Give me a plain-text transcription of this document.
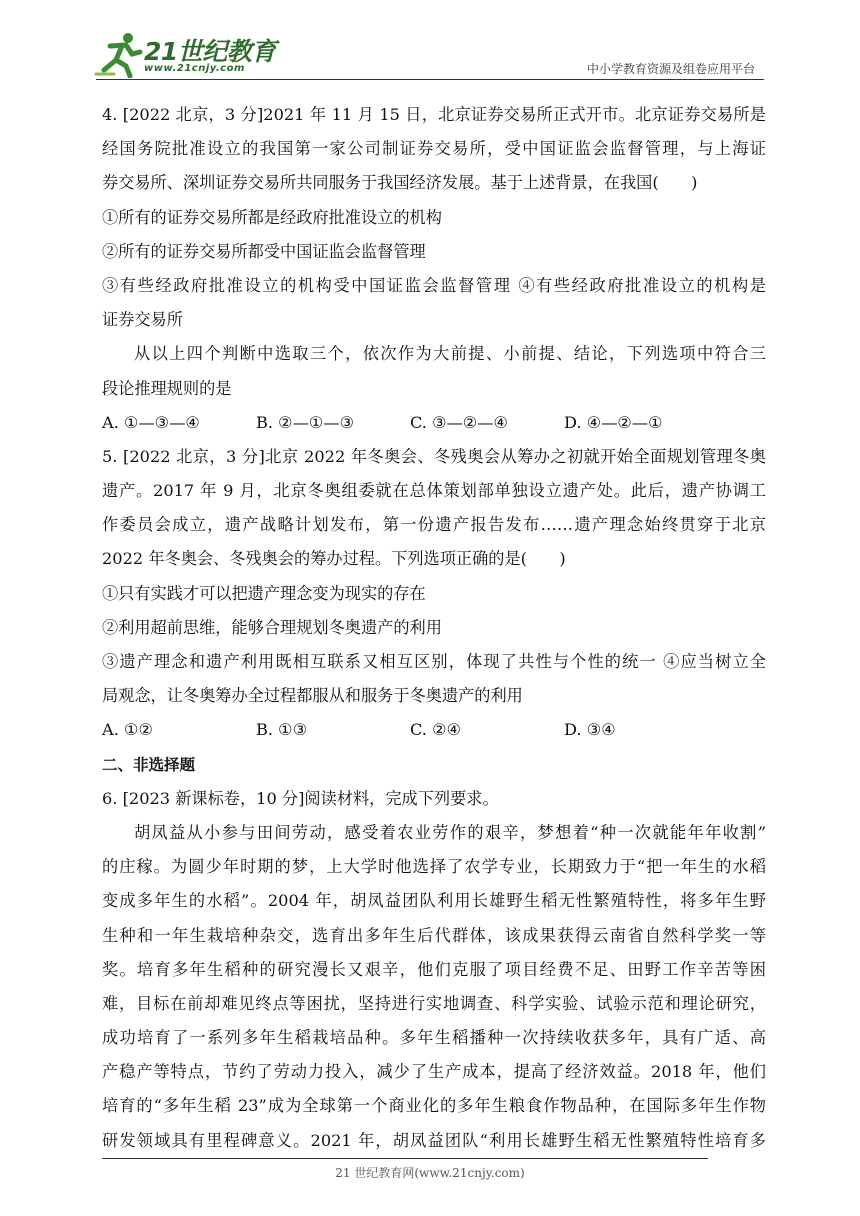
21世纪教育
www.21cnjy.com	中小学教育资源及组卷应用平台
4. [2022 北京，3 分]2021 年 11 月 15 日，北京证券交易所正式开市。北京证券交易所是
经国务院批准设立的我国第一家公司制证券交易所，受中国证监会监督管理，与上海证
券交易所、深圳证券交易所共同服务于我国经济发展。基于上述背景，在我国(　　)
①所有的证券交易所都是经政府批准设立的机构
②所有的证券交易所都受中国证监会监督管理
③有些经政府批准设立的机构受中国证监会监督管理 ④有些经政府批准设立的机构是
证券交易所
从以上四个判断中选取三个，依次作为大前提、小前提、结论，下列选项中符合三
段论推理规则的是
A. ①—③—④	B. ②—①—③	C. ③—②—④	D. ④—②—①
5. [2022 北京，3 分]北京 2022 年冬奥会、冬残奥会从筹办之初就开始全面规划管理冬奥
遗产。2017 年 9 月，北京冬奥组委就在总体策划部单独设立遗产处。此后，遗产协调工
作委员会成立，遗产战略计划发布，第一份遗产报告发布……遗产理念始终贯穿于北京
2022 年冬奥会、冬残奥会的筹办过程。下列选项正确的是(　　)
①只有实践才可以把遗产理念变为现实的存在
②利用超前思维，能够合理规划冬奥遗产的利用
③遗产理念和遗产利用既相互联系又相互区别，体现了共性与个性的统一 ④应当树立全
局观念，让冬奥筹办全过程都服从和服务于冬奥遗产的利用
A. ①②	B. ①③	C. ②④	D. ③④
二、非选择题
6. [2023 新课标卷，10 分]阅读材料，完成下列要求。
胡凤益从小参与田间劳动，感受着农业劳作的艰辛，梦想着“种一次就能年年收割”
的庄稼。为圆少年时期的梦，上大学时他选择了农学专业，长期致力于“把一年生的水稻
变成多年生的水稻”。2004 年，胡凤益团队利用长雄野生稻无性繁殖特性，将多年生野
生种和一年生栽培种杂交，选育出多年生后代群体，该成果获得云南省自然科学奖一等
奖。培育多年生稻种的研究漫长又艰辛，他们克服了项目经费不足、田野工作辛苦等困
难，目标在前却难见终点等困扰，坚持进行实地调查、科学实验、试验示范和理论研究，
成功培育了一系列多年生稻栽培品种。多年生稻播种一次持续收获多年，具有广适、高
产稳产等特点，节约了劳动力投入，减少了生产成本，提高了经济效益。2018 年，他们
培育的“多年生稻 23”成为全球第一个商业化的多年生粮食作物品种，在国际多年生作物
研发领域具有里程碑意义。2021 年，胡凤益团队“利用长雄野生稻无性繁殖特性培育多
21 世纪教育网(www.21cnjy.com)
